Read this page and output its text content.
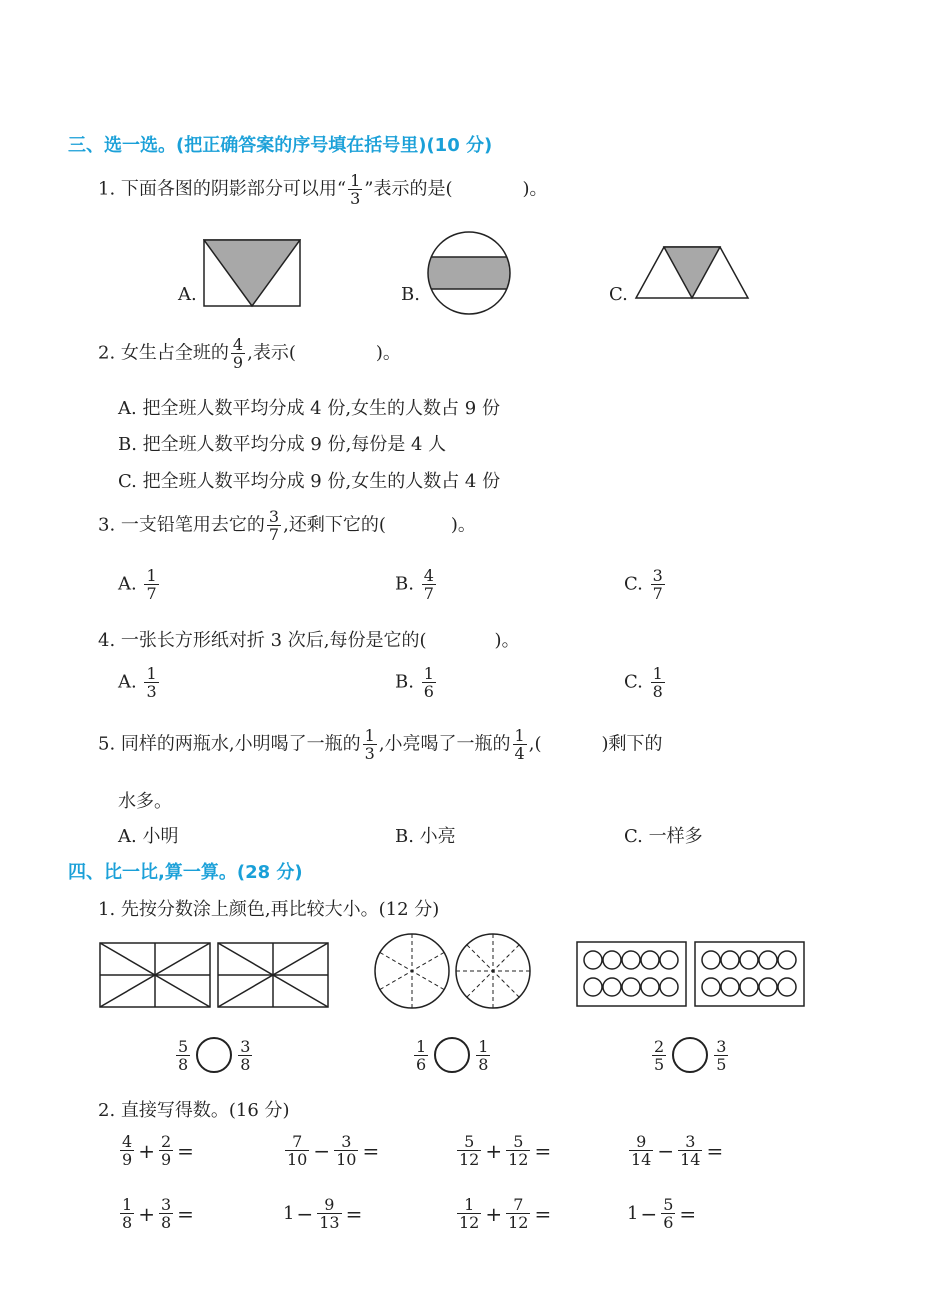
三、选一选。(把正确答案的序号填在括号里)(10 分)
1. 下面各图的阴影部分可以用“ $\frac{1}{3}$ ”表示的是(	)。
A.	B.	C.
2. 女生占全班的 $\frac{4}{9}$ ,表示(	)。
A. 把全班人数平均分成 4 份,女生的人数占 9 份
B. 把全班人数平均分成 9 份,每份是 4 人
C. 把全班人数平均分成 9 份,女生的人数占 4 份
3. 一支铅笔用去它的 $\frac{3}{7}$ ,还剩下它的(	)。
A. $\frac{1}{7}$	B. $\frac{4}{7}$	C. $\frac{3}{7}$
4. 一张长方形纸对折 3 次后,每份是它的(	)。
A. $\frac{1}{3}$	B. $\frac{1}{6}$	C. $\frac{1}{8}$
5. 同样的两瓶水,小明喝了一瓶的 $\frac{1}{3}$ ,小亮喝了一瓶的 $\frac{1}{4}$ ,(	)剩下的
水多。
A. 小明	B. 小亮	C. 一样多
四、比一比,算一算。(28 分)
1. 先按分数涂上颜色,再比较大小。(12 分)
$\frac{5}{8}$	$\frac{3}{8}$	$\frac{1}{6}$	$\frac{1}{8}$	$\frac{2}{5}$	$\frac{3}{5}$
2. 直接写得数。(16 分)
$\frac{4}{9} + \frac{2}{9}$ =	$\frac{7}{10} - \frac{3}{10}$ =	$\frac{5}{12} + \frac{5}{12}$ =	$\frac{9}{14} - \frac{3}{14}$ =
$\frac{1}{8} + \frac{3}{8}$ =	$1 - \frac{9}{13}$ =	$\frac{1}{12} + \frac{7}{12}$ =	$1 - \frac{5}{6}$ =
